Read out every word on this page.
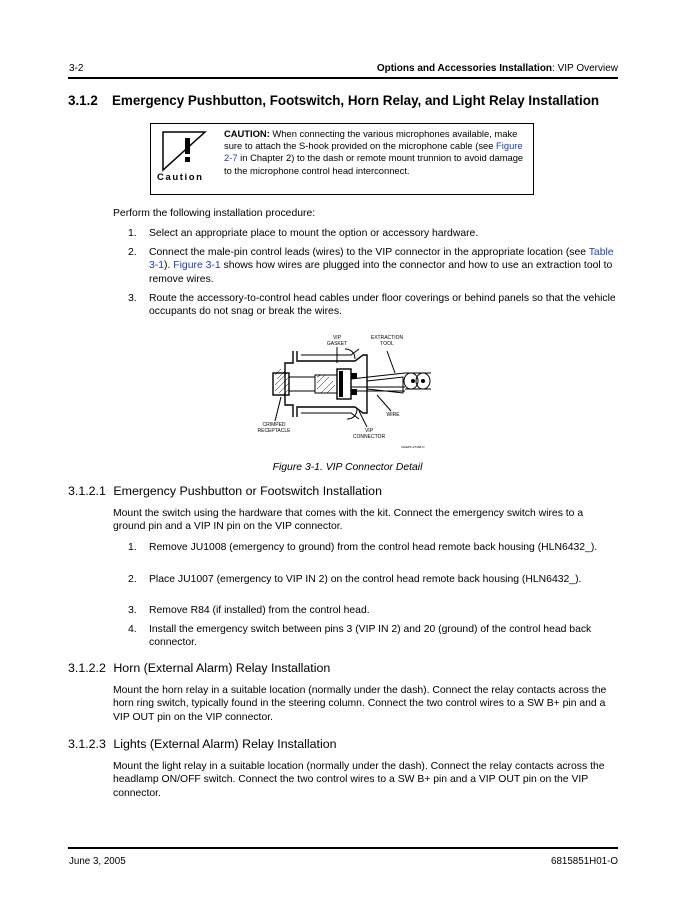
3-2	Options and Accessories Installation: VIP Overview
3.1.2 Emergency Pushbutton, Footswitch, Horn Relay, and Light Relay Installation
Caution
CAUTION: When connecting the various microphones available, make sure to attach the S-hook provided on the microphone cable (see Figure 2-7 in Chapter 2) to the dash or remote mount trunnion to avoid damage to the microphone control head interconnect.
Perform the following installation procedure:
1. Select an appropriate place to mount the option or accessory hardware.
2. Connect the male-pin control leads (wires) to the VIP connector in the appropriate location (see Table 3-1). Figure 3-1 shows how wires are plugged into the connector and how to use an extraction tool to remove wires.
3. Route the accessory-to-control head cables under floor coverings or behind panels so that the vehicle occupants do not snag or break the wires.
VIP
GASKET
EXTRACTION
TOOL
WIRE
CRIMPED
RECEPTACLE	VIP
CONNECTOR
MAEPF-27468-O
Figure 3-1. VIP Connector Detail
3.1.2.1 Emergency Pushbutton or Footswitch Installation
Mount the switch using the hardware that comes with the kit. Connect the emergency switch wires to a ground pin and a VIP IN pin on the VIP connector.
1. Remove JU1008 (emergency to ground) from the control head remote back housing (HLN6432_).
2. Place JU1007 (emergency to VIP IN 2) on the control head remote back housing (HLN6432_).
3. Remove R84 (if installed) from the control head.
4. Install the emergency switch between pins 3 (VIP IN 2) and 20 (ground) of the control head back connector.
3.1.2.2 Horn (External Alarm) Relay Installation
Mount the horn relay in a suitable location (normally under the dash). Connect the relay contacts across the horn ring switch, typically found in the steering column. Connect the two control wires to a SW B+ pin and a VIP OUT pin on the VIP connector.
3.1.2.3 Lights (External Alarm) Relay Installation
Mount the light relay in a suitable location (normally under the dash). Connect the relay contacts across the headlamp ON/OFF switch. Connect the two control wires to a SW B+ pin and a VIP OUT pin on the VIP connector.
June 3, 2005	6815851H01-O
